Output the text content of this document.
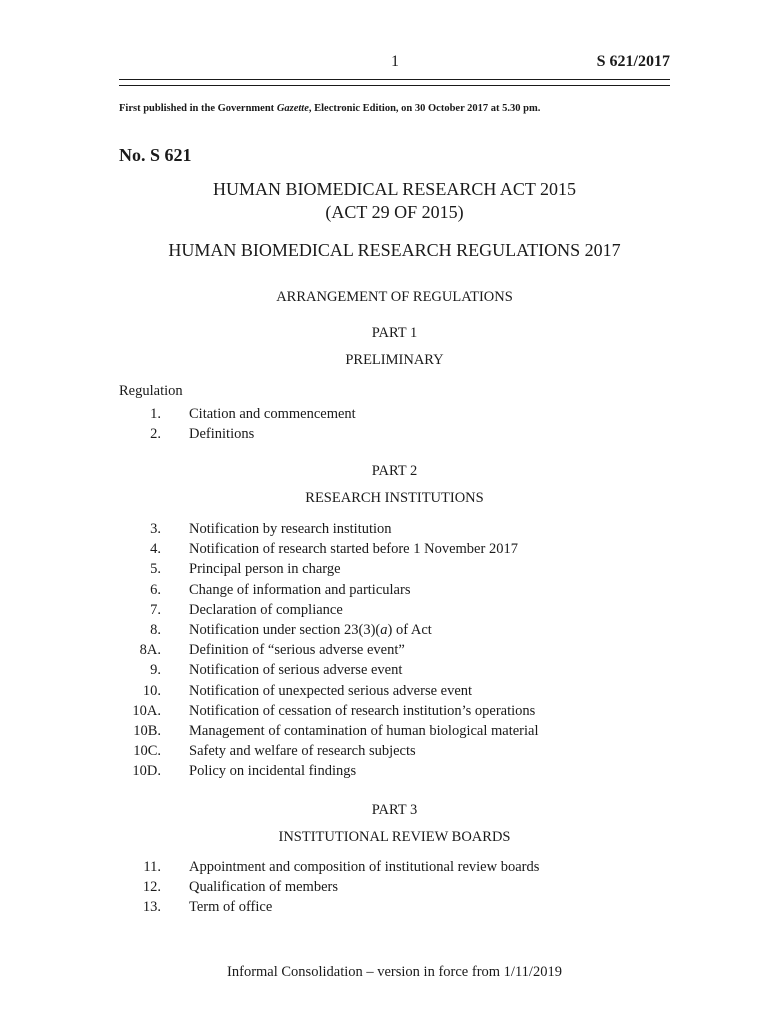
1	S 621/2017
First published in the Government Gazette, Electronic Edition, on 30 October 2017 at 5.30 pm.
No. S 621
HUMAN BIOMEDICAL RESEARCH ACT 2015
(ACT 29 OF 2015)
HUMAN BIOMEDICAL RESEARCH REGULATIONS 2017
ARRANGEMENT OF REGULATIONS
PART 1
PRELIMINARY
Regulation
1. Citation and commencement
2. Definitions
PART 2
RESEARCH INSTITUTIONS
3. Notification by research institution
4. Notification of research started before 1 November 2017
5. Principal person in charge
6. Change of information and particulars
7. Declaration of compliance
8. Notification under section 23(3)(a) of Act
8A. Definition of “serious adverse event”
9. Notification of serious adverse event
10. Notification of unexpected serious adverse event
10A. Notification of cessation of research institution’s operations
10B. Management of contamination of human biological material
10C. Safety and welfare of research subjects
10D. Policy on incidental findings
PART 3
INSTITUTIONAL REVIEW BOARDS
11. Appointment and composition of institutional review boards
12. Qualification of members
13. Term of office
Informal Consolidation – version in force from 1/11/2019
